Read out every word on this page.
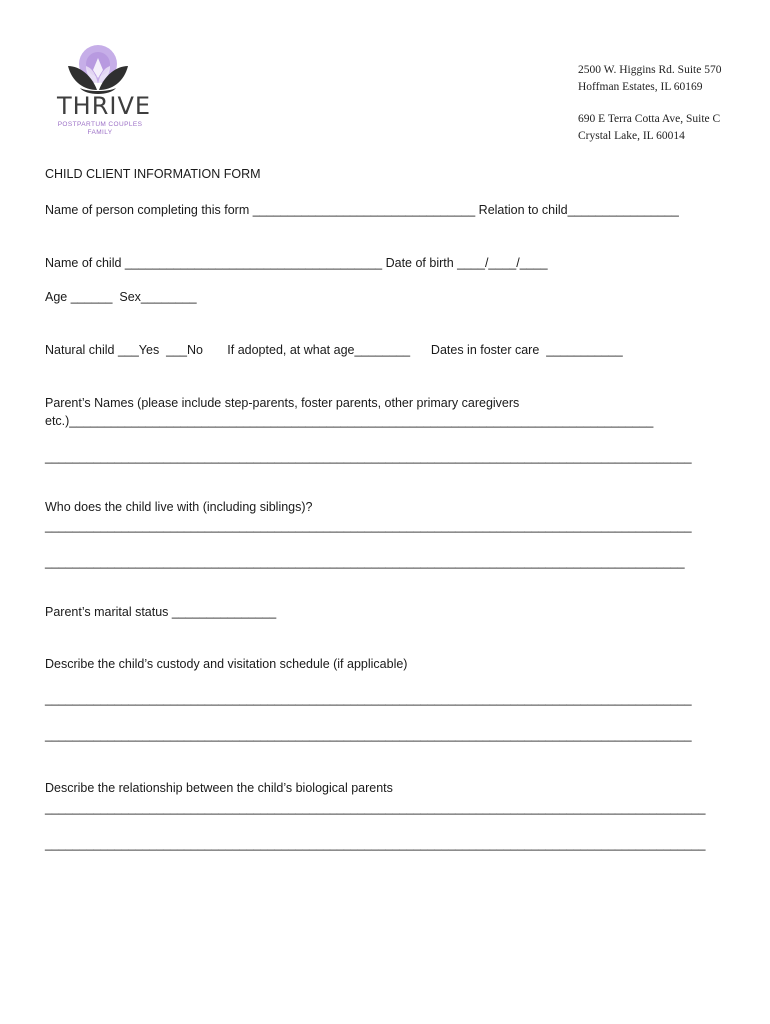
THRIVE
POSTPARTUM COUPLES FAMILY
2500 W. Higgins Rd. Suite 570
Hoffman Estates, IL 60169
690 E Terra Cotta Ave, Suite C
Crystal Lake, IL 60014
CHILD CLIENT INFORMATION FORM
Name of person completing this form ________________________________ Relation to child________________
Name of child _____________________________________ Date of birth ____/____/____
Age ______  Sex________
Natural child ___Yes  ___No       If adopted, at what age________      Dates in foster care  ___________
Parent’s Names (please include step-parents, foster parents, other primary caregivers
etc.)____________________________________________________________________________________
_____________________________________________________________________________________________
Who does the child live with (including siblings)?
_____________________________________________________________________________________________
____________________________________________________________________________________________
Parent’s marital status _______________
Describe the child’s custody and visitation schedule (if applicable)
_____________________________________________________________________________________________
_____________________________________________________________________________________________
Describe the relationship between the child’s biological parents
_______________________________________________________________________________________________
_______________________________________________________________________________________________
